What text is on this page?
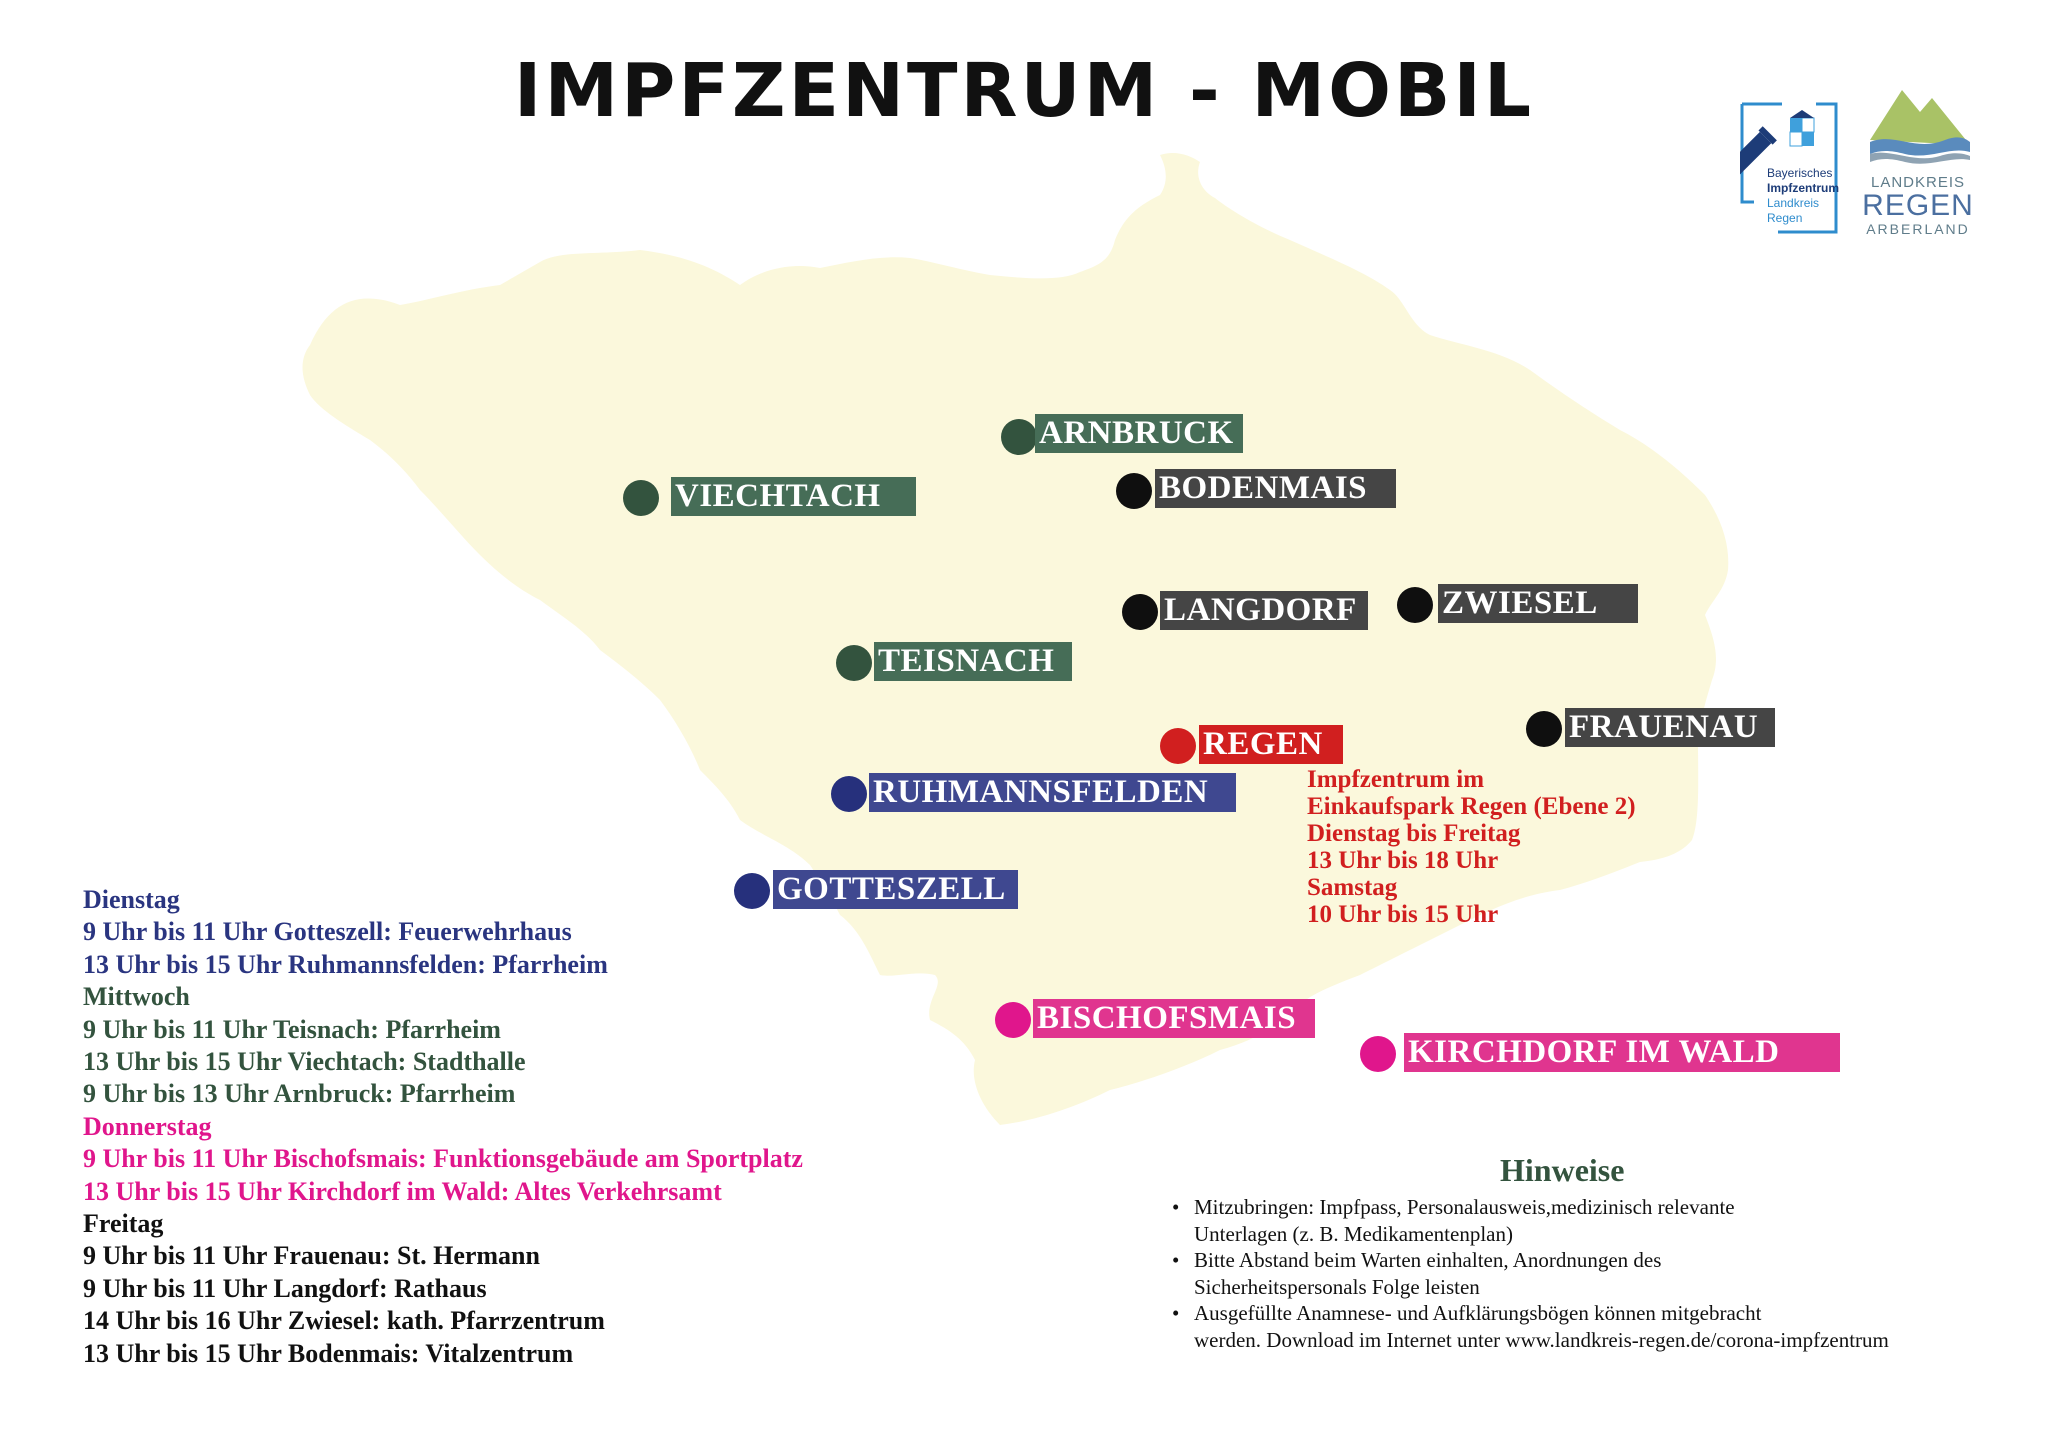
IMPFZENTRUM - MOBIL
Bayerisches
Impfzentrum
Landkreis
Regen
LANDKREIS
REGEN
ARBERLAND
ARNBRUCK
VIECHTACH	BODENMAIS
LANGDORF	ZWIESEL
TEISNACH
FRAUENAU
REGEN
RUHMANNSFELDEN
GOTTESZELL
BISCHOFSMAIS
KIRCHDORF IM WALD
Impfzentrum im
Einkaufspark Regen (Ebene 2)
Dienstag bis Freitag
13 Uhr bis 18 Uhr
Samstag
10 Uhr bis 15 Uhr
Dienstag
9 Uhr bis 11 Uhr Gotteszell: Feuerwehrhaus
13 Uhr bis 15 Uhr Ruhmannsfelden: Pfarrheim
Mittwoch
9 Uhr bis 11 Uhr Teisnach: Pfarrheim
13 Uhr bis 15 Uhr Viechtach: Stadthalle
9 Uhr bis 13 Uhr Arnbruck: Pfarrheim
Donnerstag
9 Uhr bis 11 Uhr Bischofsmais: Funktionsgebäude am Sportplatz
13 Uhr bis 15 Uhr Kirchdorf im Wald: Altes Verkehrsamt
Freitag
9 Uhr bis 11 Uhr Frauenau: St. Hermann
9 Uhr bis 11 Uhr Langdorf: Rathaus
14 Uhr bis 16 Uhr Zwiesel: kath. Pfarrzentrum
13 Uhr bis 15 Uhr Bodenmais: Vitalzentrum
Hinweise
• Mitzubringen: Impfpass, Personalausweis,medizinisch relevante
Unterlagen (z. B. Medikamentenplan)
• Bitte Abstand beim Warten einhalten, Anordnungen des
Sicherheitspersonals Folge leisten
• Ausgefüllte Anamnese- und Aufklärungsbögen können mitgebracht
werden. Download im Internet unter www.landkreis-regen.de/corona-impfzentrum
